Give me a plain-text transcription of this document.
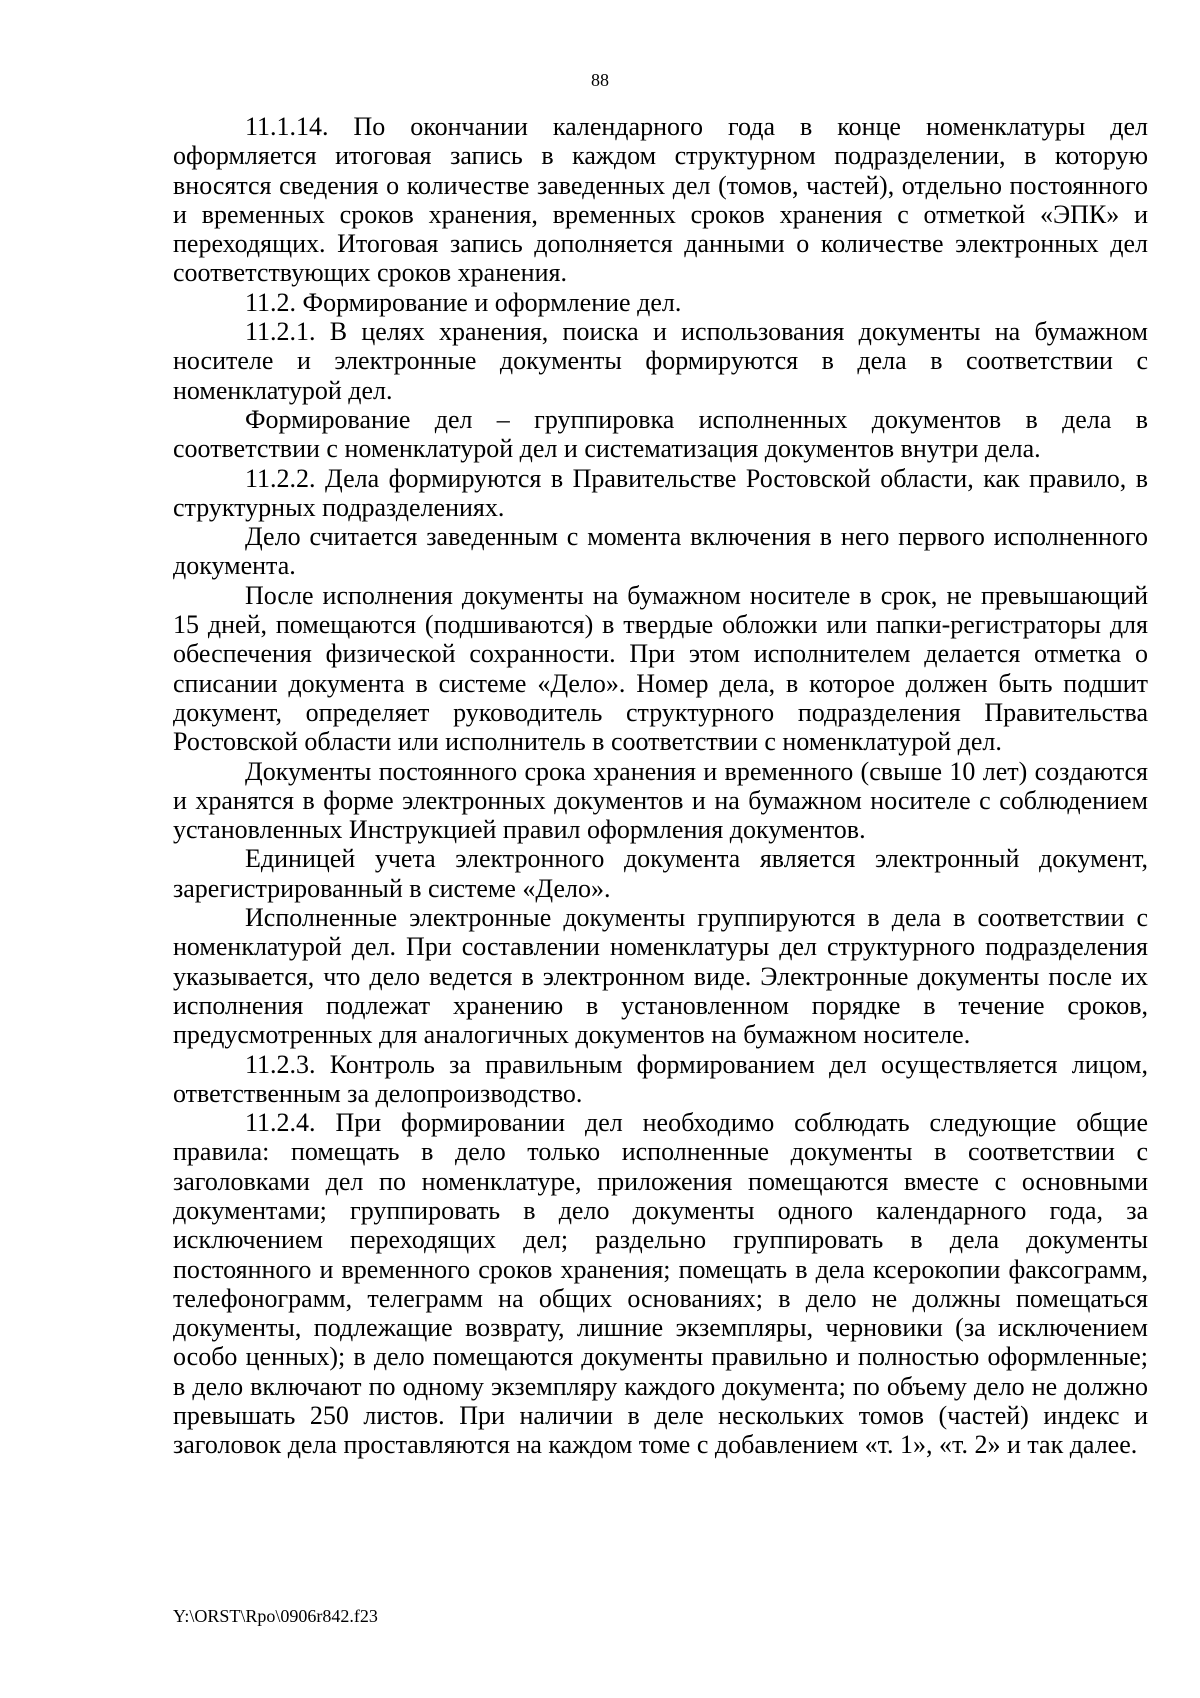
88

11.1.14. По окончании календарного года в конце номенклатуры дел оформляется итоговая запись в каждом структурном подразделении, в которую вносятся сведения о количестве заведенных дел (томов, частей), отдельно постоянного и временных сроков хранения, временных сроков хранения с отметкой «ЭПК» и переходящих. Итоговая запись дополняется данными о количестве электронных дел соответствующих сроков хранения.

11.2. Формирование и оформление дел.

11.2.1. В целях хранения, поиска и использования документы на бумажном носителе и электронные документы формируются в дела в соответствии с номенклатурой дел.

Формирование дел – группировка исполненных документов в дела в соответствии с номенклатурой дел и систематизация документов внутри дела.

11.2.2. Дела формируются в Правительстве Ростовской области, как правило, в структурных подразделениях.

Дело считается заведенным с момента включения в него первого исполненного документа.

После исполнения документы на бумажном носителе в срок, не превышающий 15 дней, помещаются (подшиваются) в твердые обложки или папки-регистраторы для обеспечения физической сохранности. При этом исполнителем делается отметка о списании документа в системе «Дело». Номер дела, в которое должен быть подшит документ, определяет руководитель структурного подразделения Правительства Ростовской области или исполнитель в соответствии с номенклатурой дел.

Документы постоянного срока хранения и временного (свыше 10 лет) создаются и хранятся в форме электронных документов и на бумажном носителе с соблюдением установленных Инструкцией правил оформления документов.

Единицей учета электронного документа является электронный документ, зарегистрированный в системе «Дело».

Исполненные электронные документы группируются в дела в соответствии с номенклатурой дел. При составлении номенклатуры дел структурного подразделения указывается, что дело ведется в электронном виде. Электронные документы после их исполнения подлежат хранению в установленном порядке в течение сроков, предусмотренных для аналогичных документов на бумажном носителе.

11.2.3. Контроль за правильным формированием дел осуществляется лицом, ответственным за делопроизводство.

11.2.4. При формировании дел необходимо соблюдать следующие общие правила: помещать в дело только исполненные документы в соответствии с заголовками дел по номенклатуре, приложения помещаются вместе с основными документами; группировать в дело документы одного календарного года, за исключением переходящих дел; раздельно группировать в дела документы постоянного и временного сроков хранения; помещать в дела ксерокопии факсограмм, телефонограмм, телеграмм на общих основаниях; в дело не должны помещаться документы, подлежащие возврату, лишние экземпляры, черновики (за исключением особо ценных); в дело помещаются документы правильно и полностью оформленные; в дело включают по одному экземпляру каждого документа; по объему дело не должно превышать 250 листов. При наличии в деле нескольких томов (частей) индекс и заголовок дела проставляются на каждом томе с добавлением «т. 1», «т. 2» и так далее.

Y:\ORST\Rpo\0906r842.f23
